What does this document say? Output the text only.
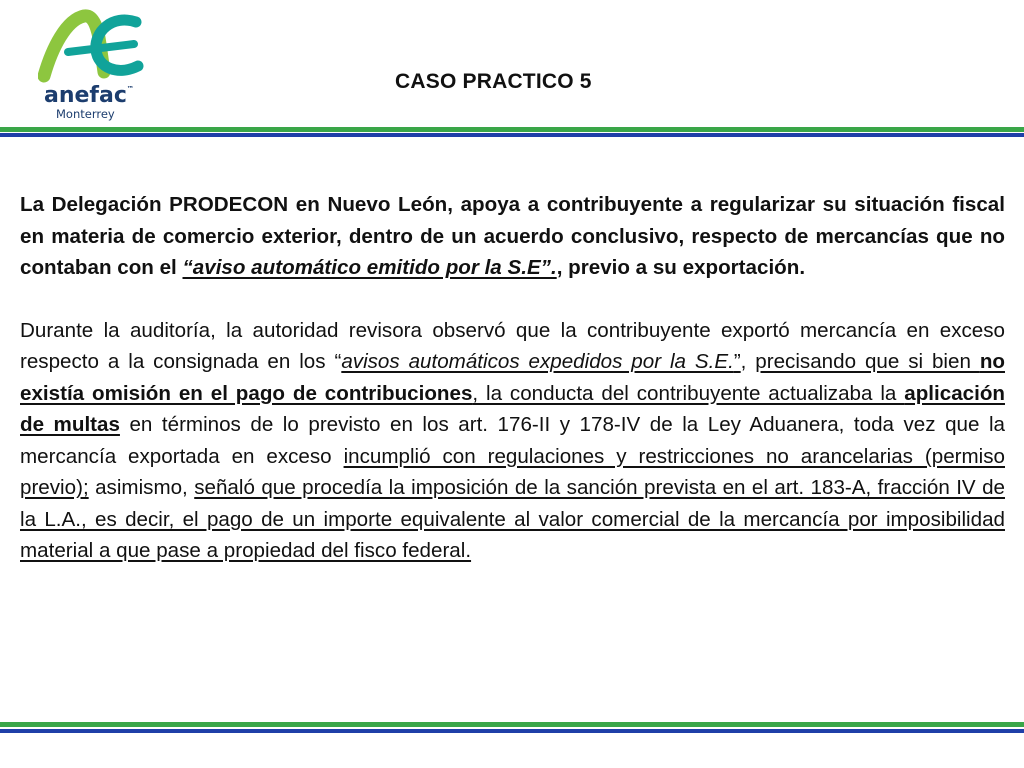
anefac™
Monterrey
CASO PRACTICO 5

La Delegación PRODECON en Nuevo León, apoya a contribuyente a regularizar su situación fiscal en materia de comercio exterior, dentro de un acuerdo conclusivo, respecto de mercancías que no contaban con el “aviso automático emitido por la S.E”., previo a su exportación.

Durante la auditoría, la autoridad revisora observó que la contribuyente exportó mercancía en exceso respecto a la consignada en los “avisos automáticos expedidos por la S.E.”, precisando que si bien no existía omisión en el pago de contribuciones, la conducta del contribuyente actualizaba la aplicación de multas en términos de lo previsto en los art. 176-II y 178-IV de la Ley Aduanera, toda vez que la mercancía exportada en exceso incumplió con regulaciones y restricciones no arancelarias (permiso previo); asimismo, señaló que procedía la imposición de la sanción prevista en el art. 183-A, fracción IV de la L.A., es decir, el pago de un importe equivalente al valor comercial de la mercancía por imposibilidad material a que pase a propiedad del fisco federal.
